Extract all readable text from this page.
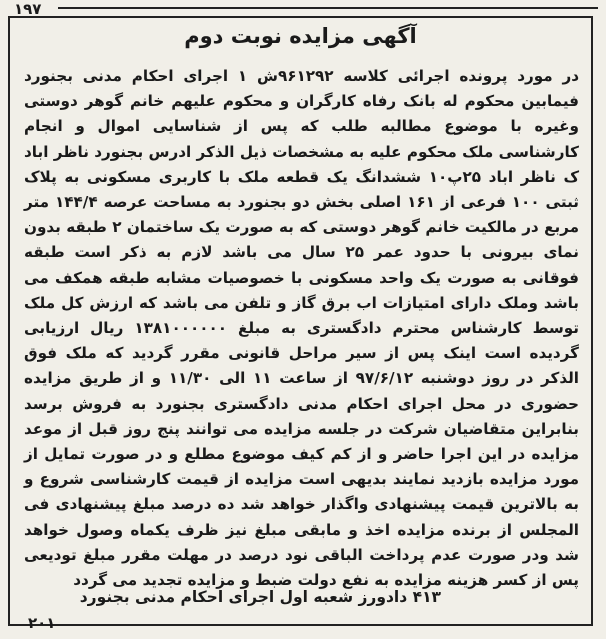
۱۹۷
آگهی مزایده نوبت دوم

در مورد پرونده اجرائی کلاسه ۹۶۱۲۹۲ش ۱ اجرای احکام مدنی بجنورد فیمابین محکوم له بانک رفاه کارگران و محکوم علیهم خانم گوهر دوستی وغیره با موضوع مطالبه طلب که پس از شناسایی اموال و انجام کارشناسی ملک محکوم علیه به مشخصات ذیل الذکر ادرس بجنورد ناظر اباد ک ناظر اباد ۲۵پ۱۰ ششدانگ یک قطعه ملک با کاربری مسکونی به پلاک ثبتی ۱۰۰ فرعی از ۱۶۱ اصلی بخش دو بجنورد به مساحت عرصه ۱۴۴/۴ متر مربع در مالکیت خانم گوهر دوستی که به صورت یک ساختمان ۲ طبقه بدون نمای بیرونی با حدود عمر ۲۵ سال می باشد لازم به ذکر است طبقه فوقانی به صورت یک واحد مسکونی با خصوصیات مشابه طبقه همکف می باشد وملک دارای امتیازات اب برق گاز و تلفن می باشد که ارزش کل ملک توسط کارشناس محترم دادگستری به مبلغ ۱۳۸۱۰۰۰۰۰۰ ریال ارزیابی گردیده است اینک پس از سیر مراحل قانونی مقرر گردید که ملک فوق الذکر در روز دوشنبه ۹۷/۶/۱۲ از ساعت ۱۱ الی ۱۱/۳۰ و از طریق مزایده حضوری در محل اجرای احکام مدنی دادگستری بجنورد به فروش برسد بنابراین متقاضیان شرکت در جلسه مزایده می توانند پنج روز قبل از موعد مزایده در این اجرا حاضر و از کم کیف موضوع مطلع و در صورت تمایل از مورد مزایده بازدید نمایند بدیهی است مزایده از قیمت کارشناسی شروع و به بالاترین قیمت پیشنهادی واگذار خواهد شد ده درصد مبلغ پیشنهادی فی المجلس از برنده مزایده اخذ و مابقی مبلغ نیز ظرف یکماه وصول خواهد شد ودر صورت عدم پرداخت الباقی نود درصد در مهلت مقرر مبلغ تودیعی پس از کسر هزینه مزایده به نفع دولت ضبط و مزایده تجدید می گردد

۴۱۳ دادورز شعبه اول اجرای احکام مدنی بجنورد

۲۰۱
